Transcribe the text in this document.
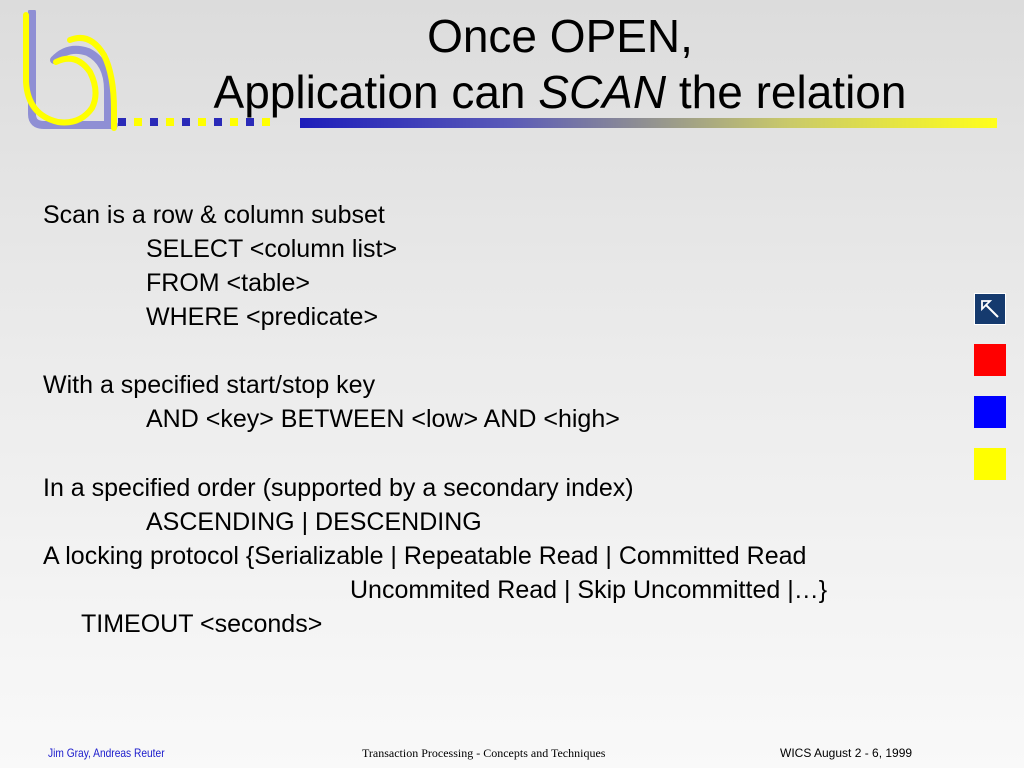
Once OPEN,
Application can SCAN the relation
Scan is a row & column subset
SELECT <column list>
FROM <table>
WHERE <predicate>
With a specified start/stop key
AND <key> BETWEEN <low> AND <high>
In a specified order (supported by a secondary index)
ASCENDING | DESCENDING
A locking protocol {Serializable | Repeatable Read | Committed Read
Uncommited Read | Skip Uncommitted |…}
TIMEOUT <seconds>
Jim Gray, Andreas Reuter	Transaction Processing - Concepts and Techniques	WICS August 2 - 6, 1999
